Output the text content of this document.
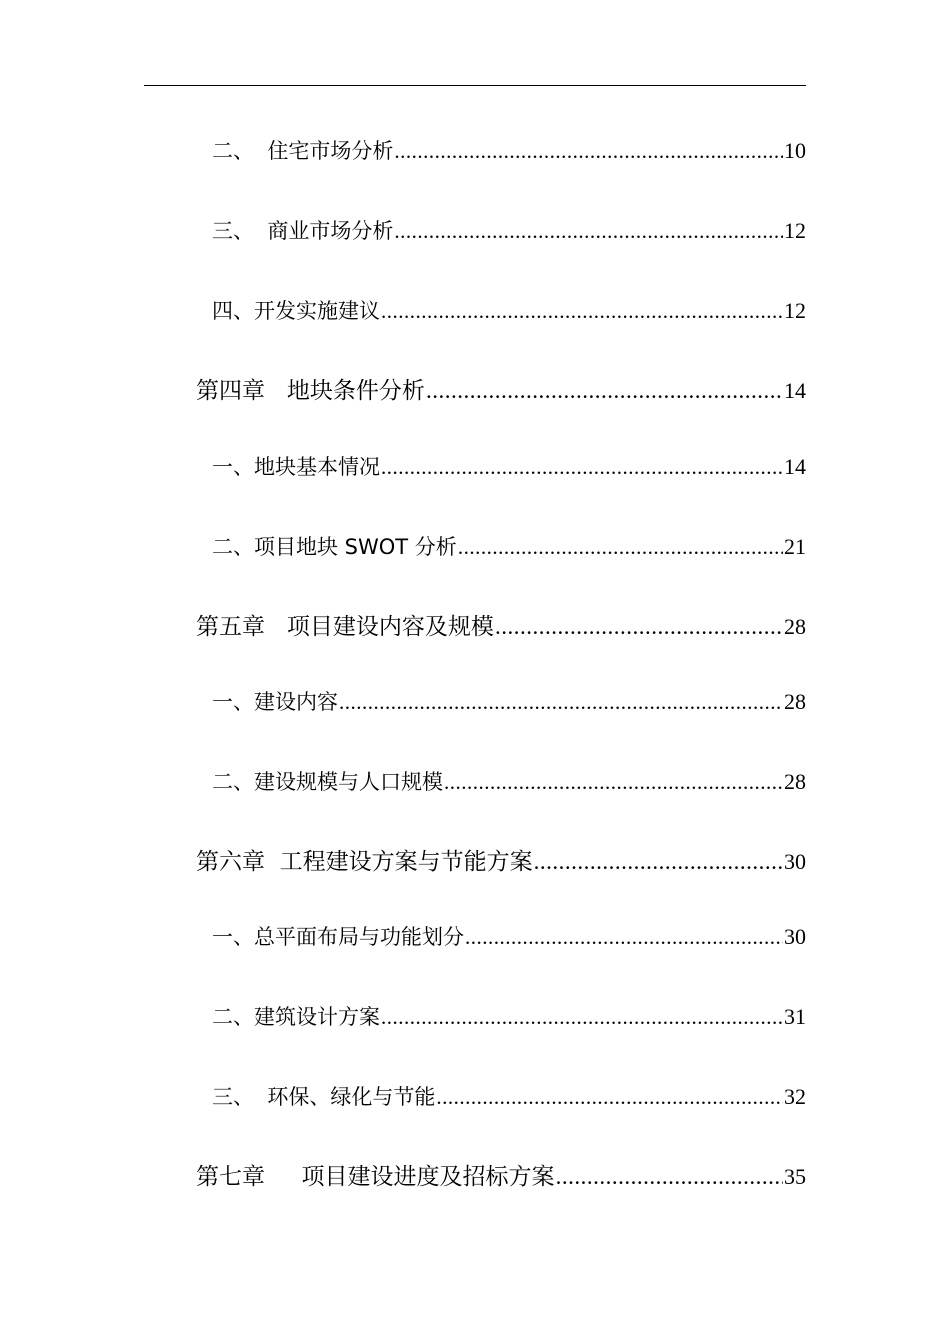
二、  住宅市场分析 .....	10
三、  商业市场分析 .....	12
四、开发实施建议 .....	12
第四章   地块条件分析 .....	14
一、地块基本情况 .....	14
二、项目地块 SWOT 分析 .....	21
第五章   项目建设内容及规模 .....	28
一、建设内容 .....	28
二、建设规模与人口规模 .....	28
第六章  工程建设方案与节能方案 .....	30
一、总平面布局与功能划分 .....	30
二、建筑设计方案 .....	31
三、  环保、绿化与节能 .....	32
第七章     项目建设进度及招标方案 .....	35
